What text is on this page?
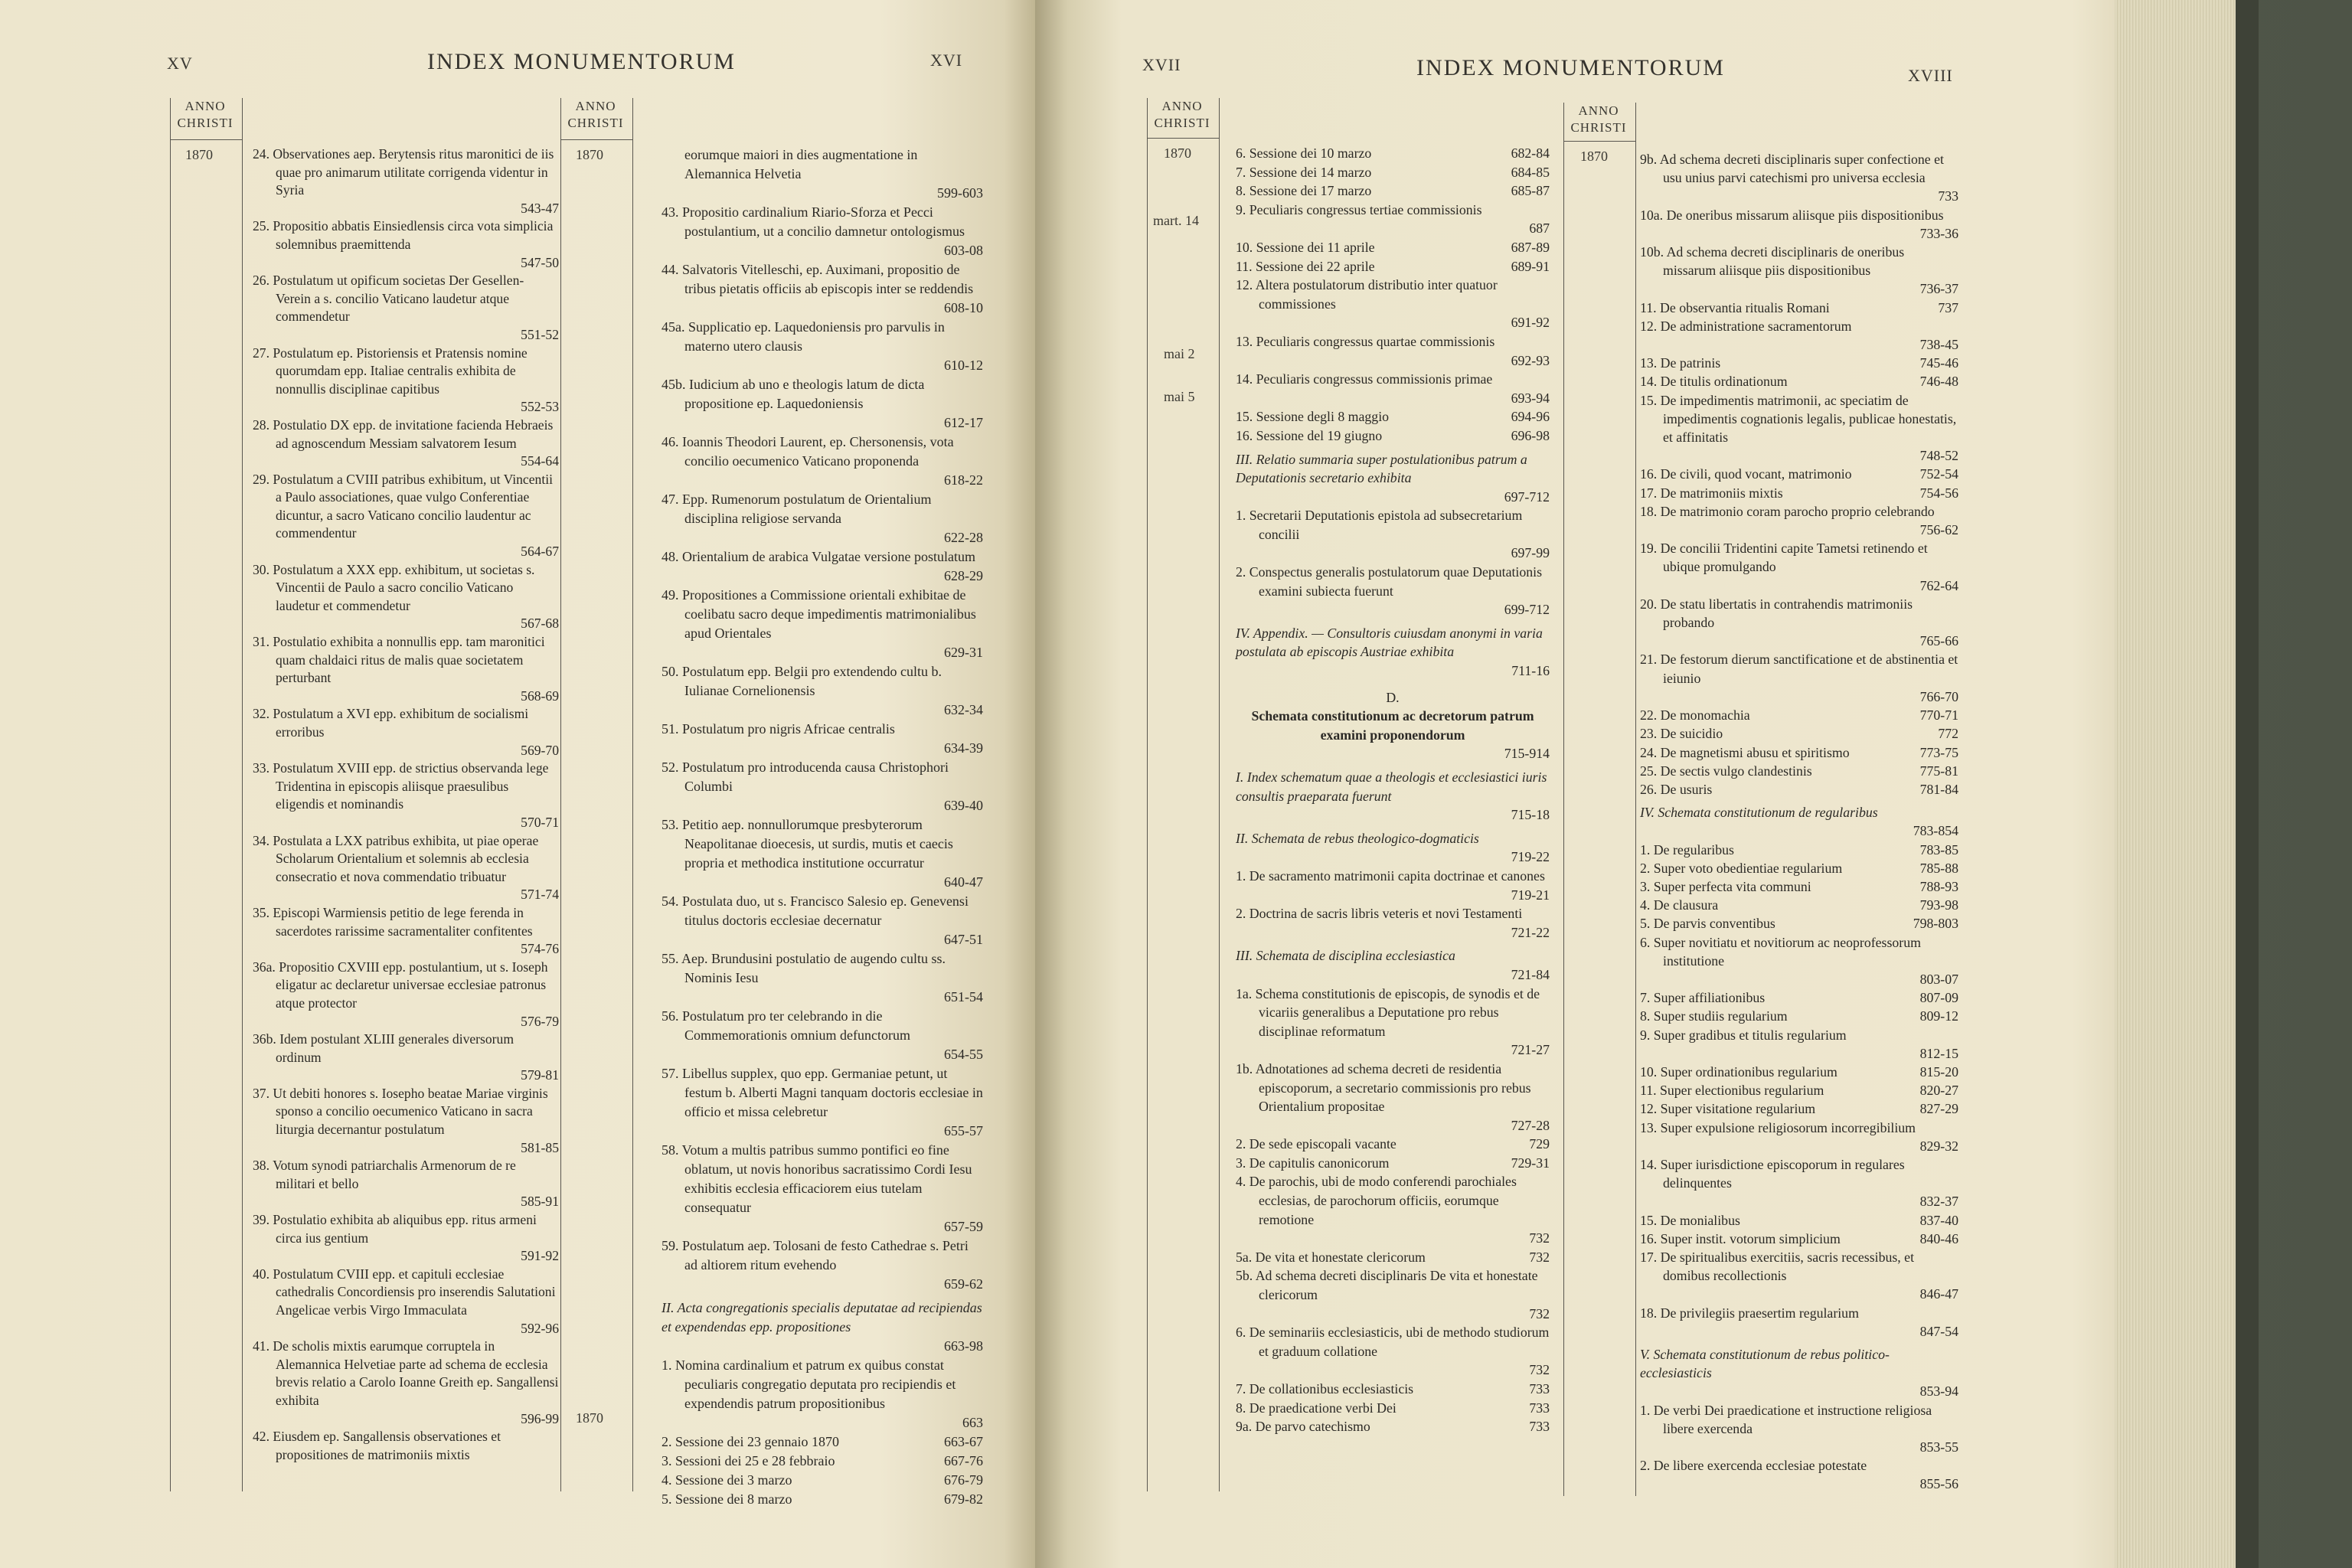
XV	INDEX MONUMENTORUM	XVI
ANNO
CHRISTI
ANNO
CHRISTI
1870	1870
1870
24. Observationes aep. Berytensis ritus maronitici de iis quae pro animarum utilitate corrigenda videntur in Syria
543-47
25. Propositio abbatis Einsiedlensis circa vota simplicia solemnibus praemittenda
547-50
26. Postulatum ut opificum societas Der Gesellen-Verein a s. concilio Vaticano laudetur atque commendetur
551-52
27. Postulatum ep. Pistoriensis et Pratensis nomine quorumdam epp. Italiae centralis exhibita de nonnullis disciplinae capitibus
552-53
28. Postulatio DX epp. de invitatione facienda Hebraeis ad agnoscendum Messiam salvatorem Iesum
554-64
29. Postulatum a CVIII patribus exhibitum, ut Vincentii a Paulo associationes, quae vulgo Conferentiae dicuntur, a sacro Vaticano concilio laudentur ac commendentur
564-67
30. Postulatum a XXX epp. exhibitum, ut societas s. Vincentii de Paulo a sacro concilio Vaticano laudetur et commendetur
567-68
31. Postulatio exhibita a nonnullis epp. tam maronitici quam chaldaici ritus de malis quae societatem perturbant
568-69
32. Postulatum a XVI epp. exhibitum de socialismi erroribus
569-70
33. Postulatum XVIII epp. de strictius observanda lege Tridentina in episcopis aliisque praesulibus eligendis et nominandis
570-71
34. Postulata a LXX patribus exhibita, ut piae operae Scholarum Orientalium et solemnis ab ecclesia consecratio et nova commendatio tribuatur
571-74
35. Episcopi Warmiensis petitio de lege ferenda in sacerdotes rarissime sacramentaliter confitentes
574-76
36a. Propositio CXVIII epp. postulantium, ut s. Ioseph eligatur ac declaretur universae ecclesiae patronus atque protector
576-79
36b. Idem postulant XLIII generales diversorum ordinum
579-81
37. Ut debiti honores s. Iosepho beatae Mariae virginis sponso a concilio oecumenico Vaticano in sacra liturgia decernantur postulatum
581-85
38. Votum synodi patriarchalis Armenorum de re militari et bello
585-91
39. Postulatio exhibita ab aliquibus epp. ritus armeni circa ius gentium
591-92
40. Postulatum CVIII epp. et capituli ecclesiae cathedralis Concordiensis pro inserendis Salutationi Angelicae verbis Virgo Immaculata
592-96
41. De scholis mixtis earumque corruptela in Alemannica Helvetiae parte ad schema de ecclesia brevis relatio a Carolo Ioanne Greith ep. Sangallensi exhibita
596-99
42. Eiusdem ep. Sangallensis observationes et propositiones de matrimoniis mixtis
eorumque maiori in dies augmentatione in Alemannica Helvetia
599-603
43. Propositio cardinalium Riario-Sforza et Pecci postulantium, ut a concilio damnetur ontologismus
603-08
44. Salvatoris Vitelleschi, ep. Auximani, propositio de tribus pietatis officiis ab episcopis inter se reddendis
608-10
45a. Supplicatio ep. Laquedoniensis pro parvulis in materno utero clausis
610-12
45b. Iudicium ab uno e theologis latum de dicta propositione ep. Laquedoniensis
612-17
46. Ioannis Theodori Laurent, ep. Chersonensis, vota concilio oecumenico Vaticano proponenda
618-22
47. Epp. Rumenorum postulatum de Orientalium disciplina religiose servanda
622-28
48. Orientalium de arabica Vulgatae versione postulatum
628-29
49. Propositiones a Commissione orientali exhibitae de coelibatu sacro deque impedimentis matrimonialibus apud Orientales
629-31
50. Postulatum epp. Belgii pro extendendo cultu b. Iulianae Cornelionensis
632-34
51. Postulatum pro nigris Africae centralis
634-39
52. Postulatum pro introducenda causa Christophori Columbi
639-40
53. Petitio aep. nonnullorumque presbyterorum Neapolitanae dioecesis, ut surdis, mutis et caecis propria et methodica institutione occurratur
640-47
54. Postulata duo, ut s. Francisco Salesio ep. Genevensi titulus doctoris ecclesiae decernatur
647-51
55. Aep. Brundusini postulatio de augendo cultu ss. Nominis Iesu
651-54
56. Postulatum pro ter celebrando in die Commemorationis omnium defunctorum
654-55
57. Libellus supplex, quo epp. Germaniae petunt, ut festum b. Alberti Magni tanquam doctoris ecclesiae in officio et missa celebretur
655-57
58. Votum a multis patribus summo pontifici eo fine oblatum, ut novis honoribus sacratissimo Cordi Iesu exhibitis ecclesia efficaciorem eius tutelam consequatur
657-59
59. Postulatum aep. Tolosani de festo Cathedrae s. Petri ad altiorem ritum evehendo
659-62
II. Acta congregationis specialis deputatae ad recipiendas et expendendas epp. propositiones
663-98
1. Nomina cardinalium et patrum ex quibus constat peculiaris congregatio deputata pro recipiendis et expendendis patrum propositionibus
663
2. Sessione dei 23 gennaio 1870	663-67
3. Sessioni dei 25 e 28 febbraio	667-76
4. Sessione dei 3 marzo	676-79
5. Sessione dei 8 marzo	679-82
XVII	INDEX MONUMENTORUM	XVIII
ANNO
CHRISTI
ANNO
CHRISTI
1870
mart. 14
mai 2
mai 5
1870
6. Sessione dei 10 marzo	682-84
7. Sessione dei 14 marzo	684-85
8. Sessione dei 17 marzo	685-87
9. Peculiaris congressus tertiae commissionis
687
10. Sessione dei 11 aprile	687-89
11. Sessione dei 22 aprile	689-91
12. Altera postulatorum distributio inter quatuor commissiones
691-92
13. Peculiaris congressus quartae commissionis
692-93
14. Peculiaris congressus commissionis primae
693-94
15. Sessione degli 8 maggio	694-96
16. Sessione del 19 giugno	696-98
III. Relatio summaria super postulationibus patrum a Deputationis secretario exhibita
697-712
1. Secretarii Deputationis epistola ad subsecretarium concilii
697-99
2. Conspectus generalis postulatorum quae Deputationis examini subiecta fuerunt
699-712
IV. Appendix. — Consultoris cuiusdam anonymi in varia postulata ab episcopis Austriae exhibita
711-16
D.
Schemata constitutionum ac decretorum patrum examini proponendorum
715-914
I. Index schematum quae a theologis et ecclesiastici iuris consultis praeparata fuerunt
715-18
II. Schemata de rebus theologico-dogmaticis
719-22
1. De sacramento matrimonii capita doctrinae et canones
719-21
2. Doctrina de sacris libris veteris et novi Testamenti
721-22
III. Schemata de disciplina ecclesiastica
721-84
1a. Schema constitutionis de episcopis, de synodis et de vicariis generalibus a Deputatione pro rebus disciplinae reformatum
721-27
1b. Adnotationes ad schema decreti de residentia episcoporum, a secretario commissionis pro rebus Orientalium propositae
727-28
2. De sede episcopali vacante	729
3. De capitulis canonicorum	729-31
4. De parochis, ubi de modo conferendi parochiales ecclesias, de parochorum officiis, eorumque remotione
732
5a. De vita et honestate clericorum	732
5b. Ad schema decreti disciplinaris De vita et honestate clericorum
732
6. De seminariis ecclesiasticis, ubi de methodo studiorum et graduum collatione
732
7. De collationibus ecclesiasticis	733
8. De praedicatione verbi Dei	733
9a. De parvo catechismo	733
9b. Ad schema decreti disciplinaris super confectione et usu unius parvi catechismi pro universa ecclesia
733
10a. De oneribus missarum aliisque piis dispositionibus
733-36
10b. Ad schema decreti disciplinaris de oneribus missarum aliisque piis dispositionibus
736-37
11. De observantia ritualis Romani	737
12. De administratione sacramentorum
738-45
13. De patrinis	745-46
14. De titulis ordinationum	746-48
15. De impedimentis matrimonii, ac speciatim de impedimentis cognationis legalis, publicae honestatis, et affinitatis
748-52
16. De civili, quod vocant, matrimonio	752-54
17. De matrimoniis mixtis	754-56
18. De matrimonio coram parocho proprio celebrando
756-62
19. De concilii Tridentini capite Tametsi retinendo et ubique promulgando
762-64
20. De statu libertatis in contrahendis matrimoniis probando
765-66
21. De festorum dierum sanctificatione et de abstinentia et ieiunio
766-70
22. De monomachia	770-71
23. De suicidio	772
24. De magnetismi abusu et spiritismo	773-75
25. De sectis vulgo clandestinis	775-81
26. De usuris	781-84
IV. Schemata constitutionum de regularibus
783-854
1. De regularibus	783-85
2. Super voto obedientiae regularium	785-88
3. Super perfecta vita communi	788-93
4. De clausura	793-98
5. De parvis conventibus	798-803
6. Super novitiatu et novitiorum ac neoprofessorum institutione
803-07
7. Super affiliationibus	807-09
8. Super studiis regularium	809-12
9. Super gradibus et titulis regularium
812-15
10. Super ordinationibus regularium	815-20
11. Super electionibus regularium	820-27
12. Super visitatione regularium	827-29
13. Super expulsione religiosorum incorregibilium
829-32
14. Super iurisdictione episcoporum in regulares delinquentes
832-37
15. De monialibus	837-40
16. Super instit. votorum simplicium	840-46
17. De spiritualibus exercitiis, sacris recessibus, et domibus recollectionis
846-47
18. De privilegiis praesertim regularium
847-54
V. Schemata constitutionum de rebus politico-ecclesiasticis
853-94
1. De verbi Dei praedicatione et instructione religiosa libere exercenda
853-55
2. De libere exercenda ecclesiae potestate
855-56
